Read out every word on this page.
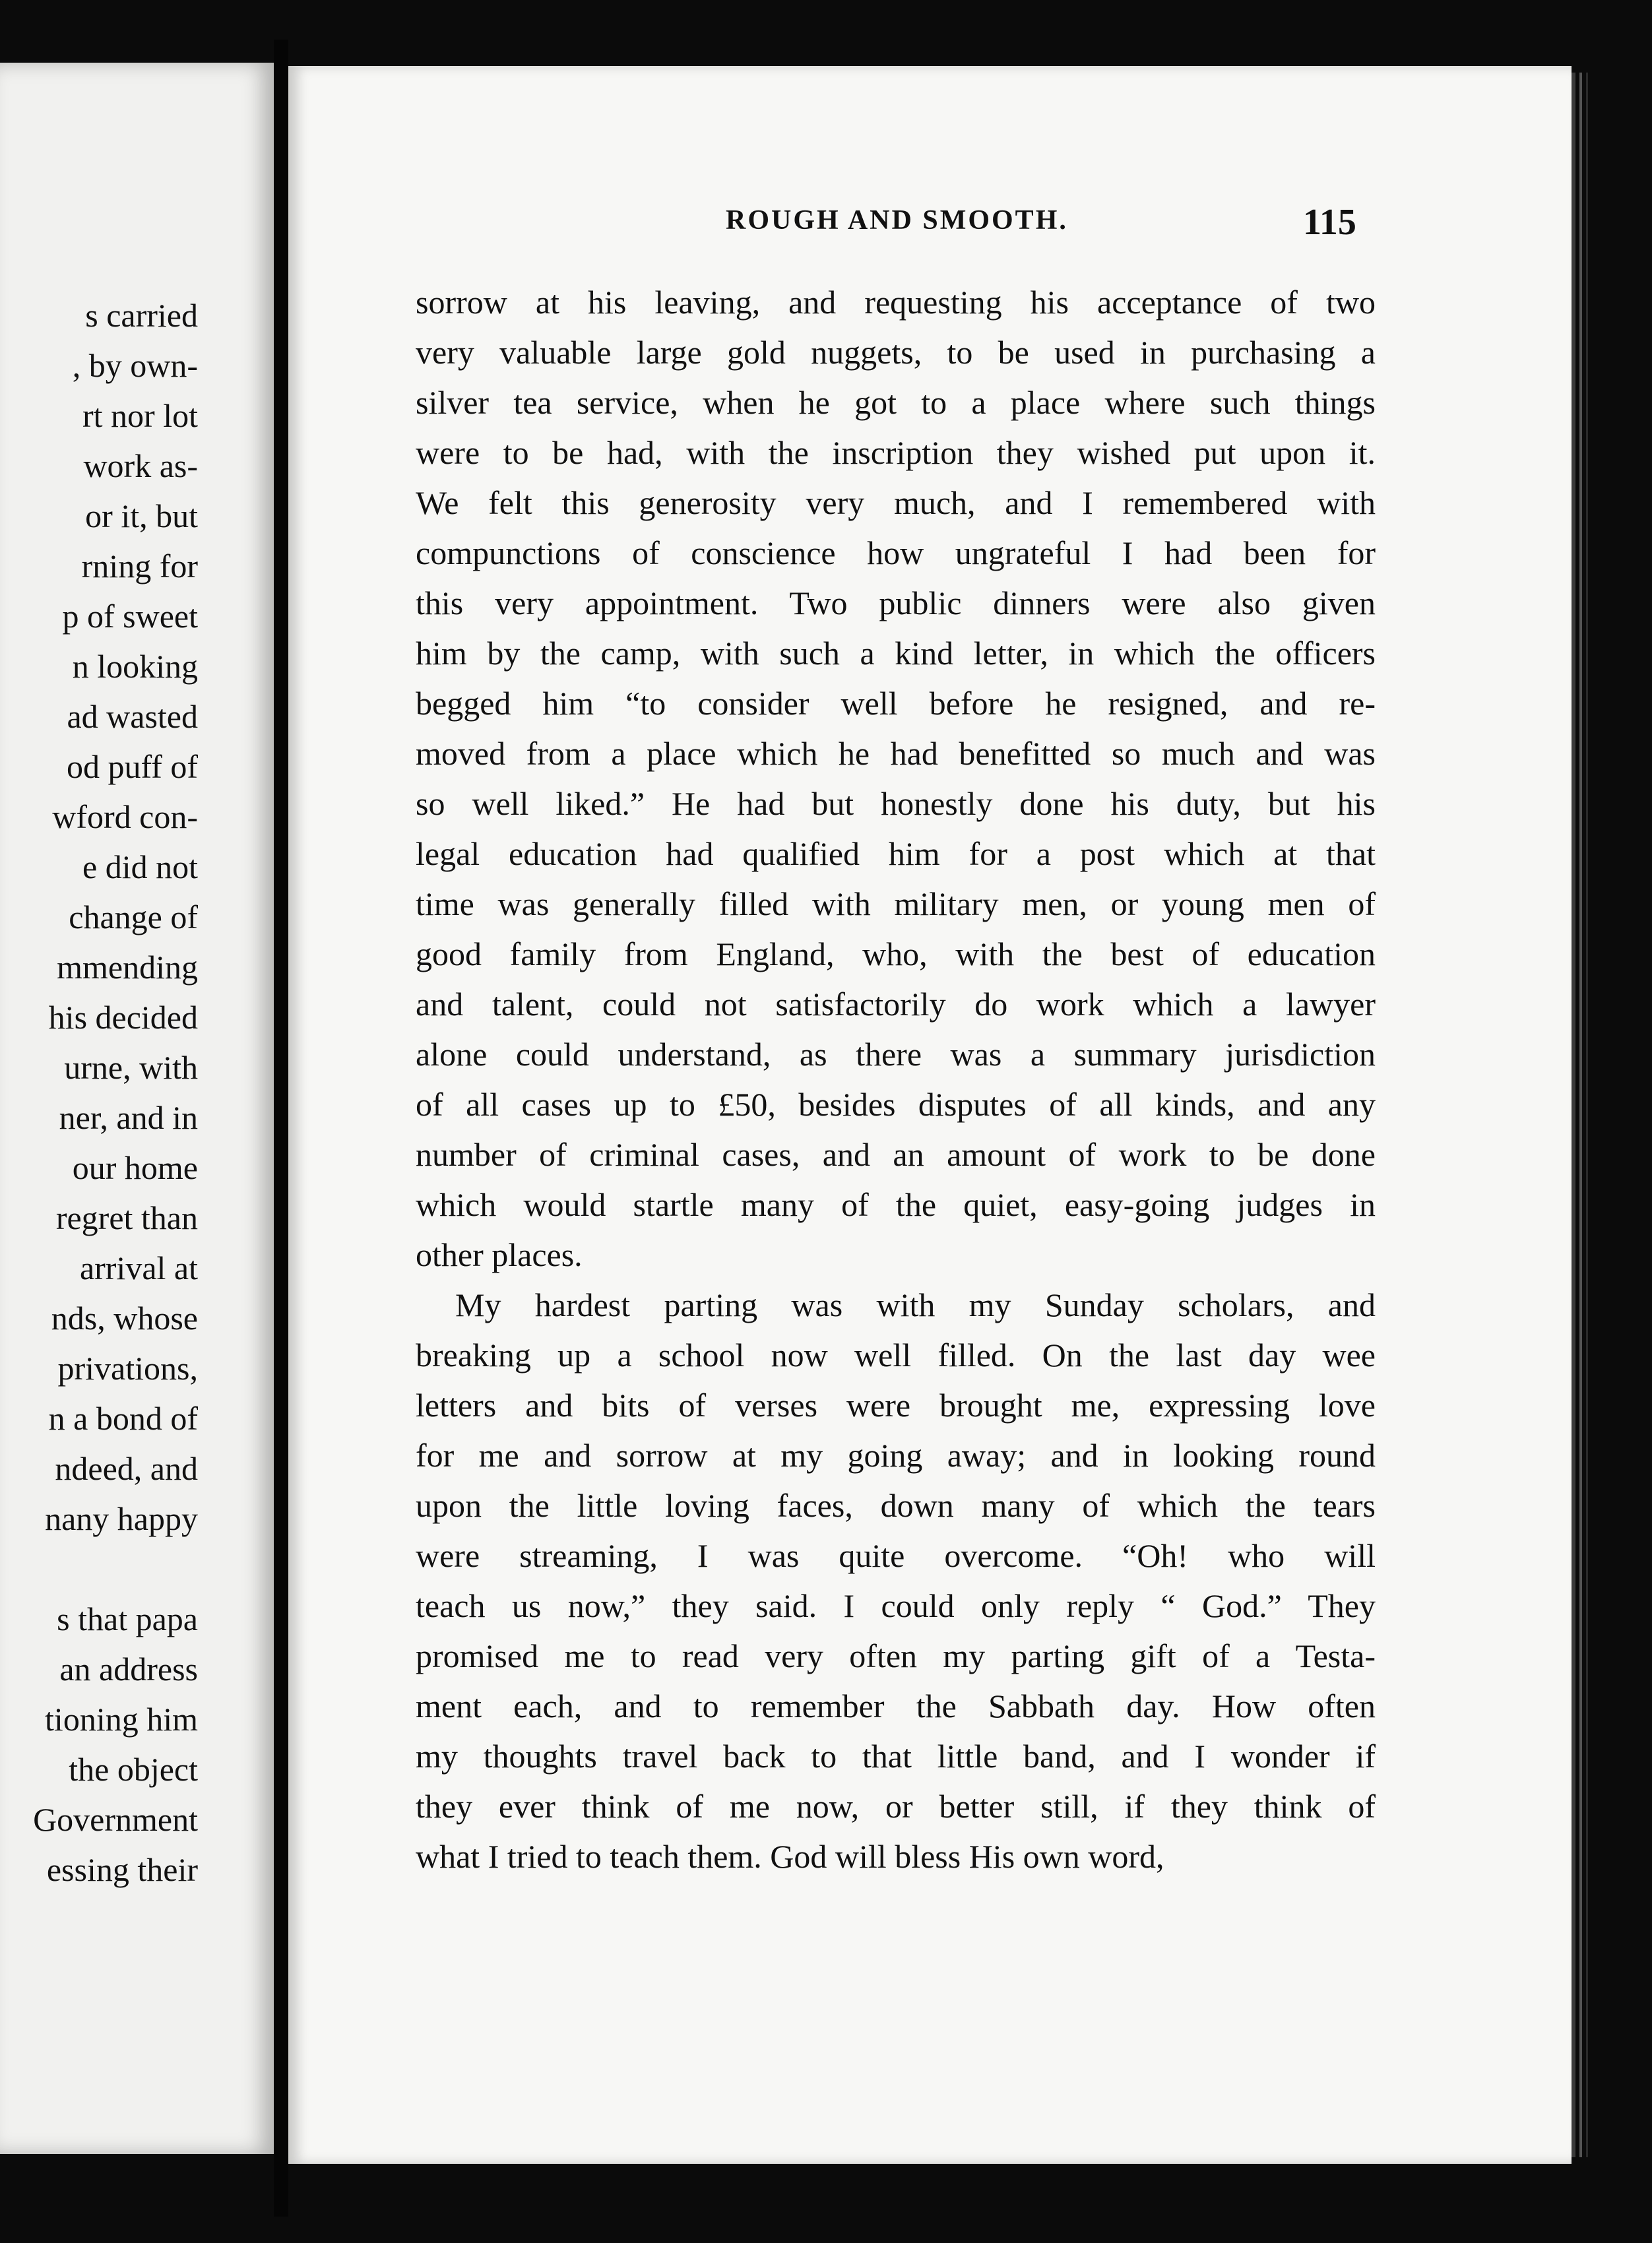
s carried
, by own-
rt nor lot
work as-
or it, but
rning for
p of sweet
n looking
ad wasted
od puff of
wford con-
e did not
change of
mmending
his decided
urne, with
ner, and in
our home
regret than
arrival at
nds, whose
privations,
n a bond of
ndeed, and
nany happy
s that papa
an address
tioning him
the object
Government
essing their
ROUGH AND SMOOTH.	115
sorrow at his leaving, and requesting his acceptance of two
very valuable large gold nuggets, to be used in purchasing a
silver tea service, when he got to a place where such things
were to be had, with the inscription they wished put upon it.
We felt this generosity very much, and I remembered with
compunctions of conscience how ungrateful I had been for
this very appointment. Two public dinners were also given
him by the camp, with such a kind letter, in which the officers
begged him “to consider well before he resigned, and re-
moved from a place which he had benefitted so much and was
so well liked.” He had but honestly done his duty, but his
legal education had qualified him for a post which at that
time was generally filled with military men, or young men of
good family from England, who, with the best of education
and talent, could not satisfactorily do work which a lawyer
alone could understand, as there was a summary jurisdiction
of all cases up to £50, besides disputes of all kinds, and any
number of criminal cases, and an amount of work to be done
which would startle many of the quiet, easy-going judges in
other places.
My hardest parting was with my Sunday scholars, and
breaking up a school now well filled. On the last day wee
letters and bits of verses were brought me, expressing love
for me and sorrow at my going away; and in looking round
upon the little loving faces, down many of which the tears
were streaming, I was quite overcome. “Oh! who will
teach us now,” they said. I could only reply “ God.” They
promised me to read very often my parting gift of a Testa-
ment each, and to remember the Sabbath day. How often
my thoughts travel back to that little band, and I wonder if
they ever think of me now, or better still, if they think of
what I tried to teach them. God will bless His own word,
